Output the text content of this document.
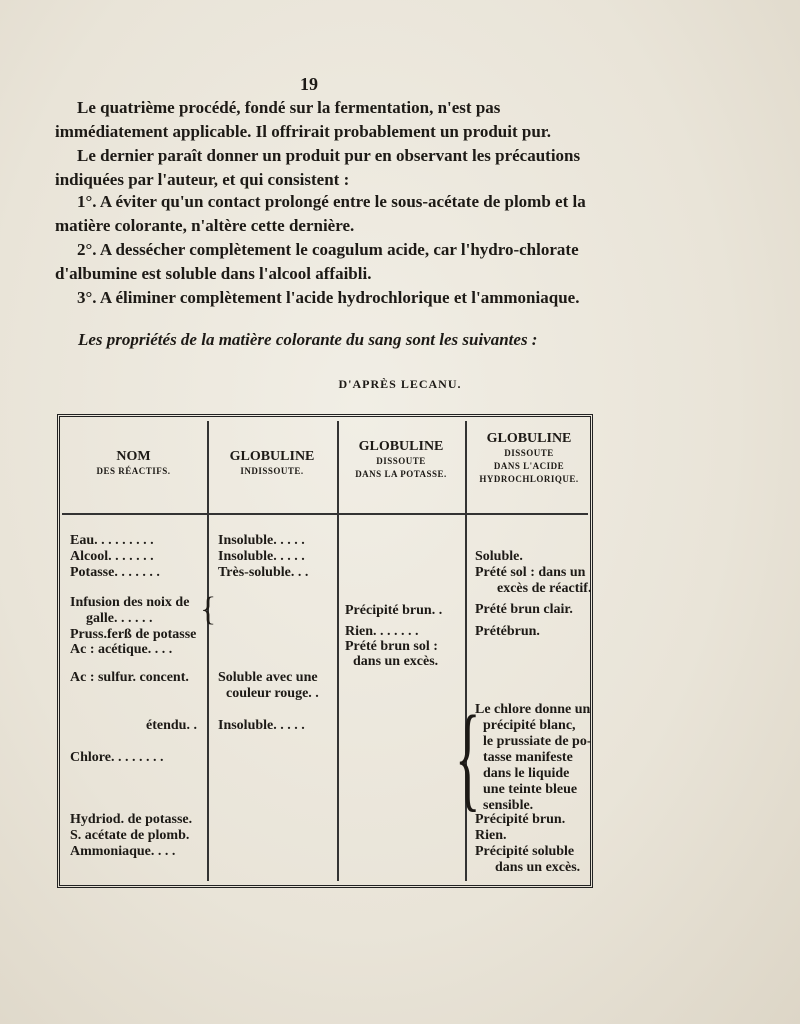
19

Le quatrième procédé, fondé sur la fermentation, n'est pas immédiatement applicable. Il offrirait probablement un produit pur.

Le dernier paraît donner un produit pur en observant les précautions indiquées par l'auteur, et qui consistent :

1°. A éviter qu'un contact prolongé entre le sous-acétate de plomb et la matière colorante, n'altère cette dernière.
2°. A dessécher complètement le coagulum acide, car l'hydro-chlorate d'albumine est soluble dans l'alcool affaibli.
3°. A éliminer complètement l'acide hydrochlorique et l'ammoniaque.
Les propriétés de la matière colorante du sang sont les suivantes :
D'APRÈS LECANU.
NOM
DES RÉACTIFS.
GLOBULINE
INDISSOUTE.
GLOBULINE
DISSOUTE
DANS LA POTASSE.
GLOBULINE
DISSOUTE
DANS L'ACIDE
HYDROCHLORIQUE.
Eau. . . . . . . . .
Alcool. . . . . . .
Potasse. . . . . . .
Infusion des noix de
galle. . . . . . {
Pruss.ferß de potasse
Ac : acétique. . . .
Ac : sulfur. concent.
étendu. .
Chlore. . . . . . . .
Hydriod. de potasse.
S. acétate de plomb.
Ammoniaque. . . .
Insoluble. . . . .
Insoluble. . . . .
Très-soluble. . .
Soluble avec une
couleur rouge. .
Insoluble. . . . .
Précipité brun. .
Rien. . . . . . .
Prété brun sol :
dans un excès.
Soluble.
Prété sol : dans un
excès de réactif.
Prété brun clair.
Prétébrun.
{
Le chlore donne un
précipité blanc,
le prussiate de po-
tasse manifeste
dans le liquide
une teinte bleue
sensible.
Précipité brun.
Rien.
Précipité soluble
dans un excès.
